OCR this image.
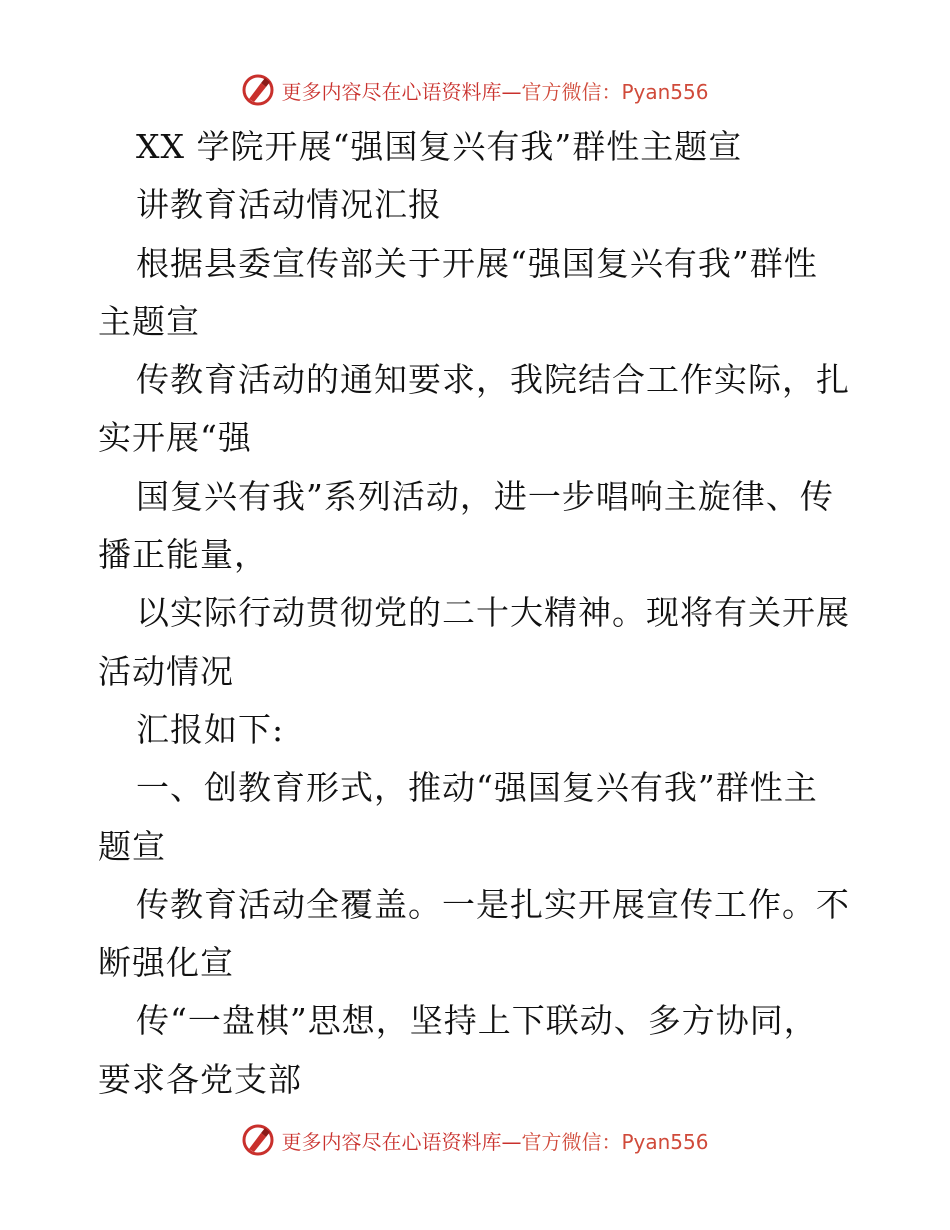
更多内容尽在心语资料库—官方微信：Pyan556
XX 学院开展“强国复兴有我”群性主题宣
讲教育活动情况汇报
根据县委宣传部关于开展“强国复兴有我”群性
主题宣
传教育活动的通知要求，我院结合工作实际，扎
实开展“强
国复兴有我”系列活动，进一步唱响主旋律、传
播正能量，
以实际行动贯彻党的二十大精神。现将有关开展
活动情况
汇报如下:
一、创教育形式，推动“强国复兴有我”群性主
题宣
传教育活动全覆盖。一是扎实开展宣传工作。不
断强化宣
传“一盘棋”思想，坚持上下联动、多方协同，
要求各党支部
更多内容尽在心语资料库—官方微信：Pyan556
